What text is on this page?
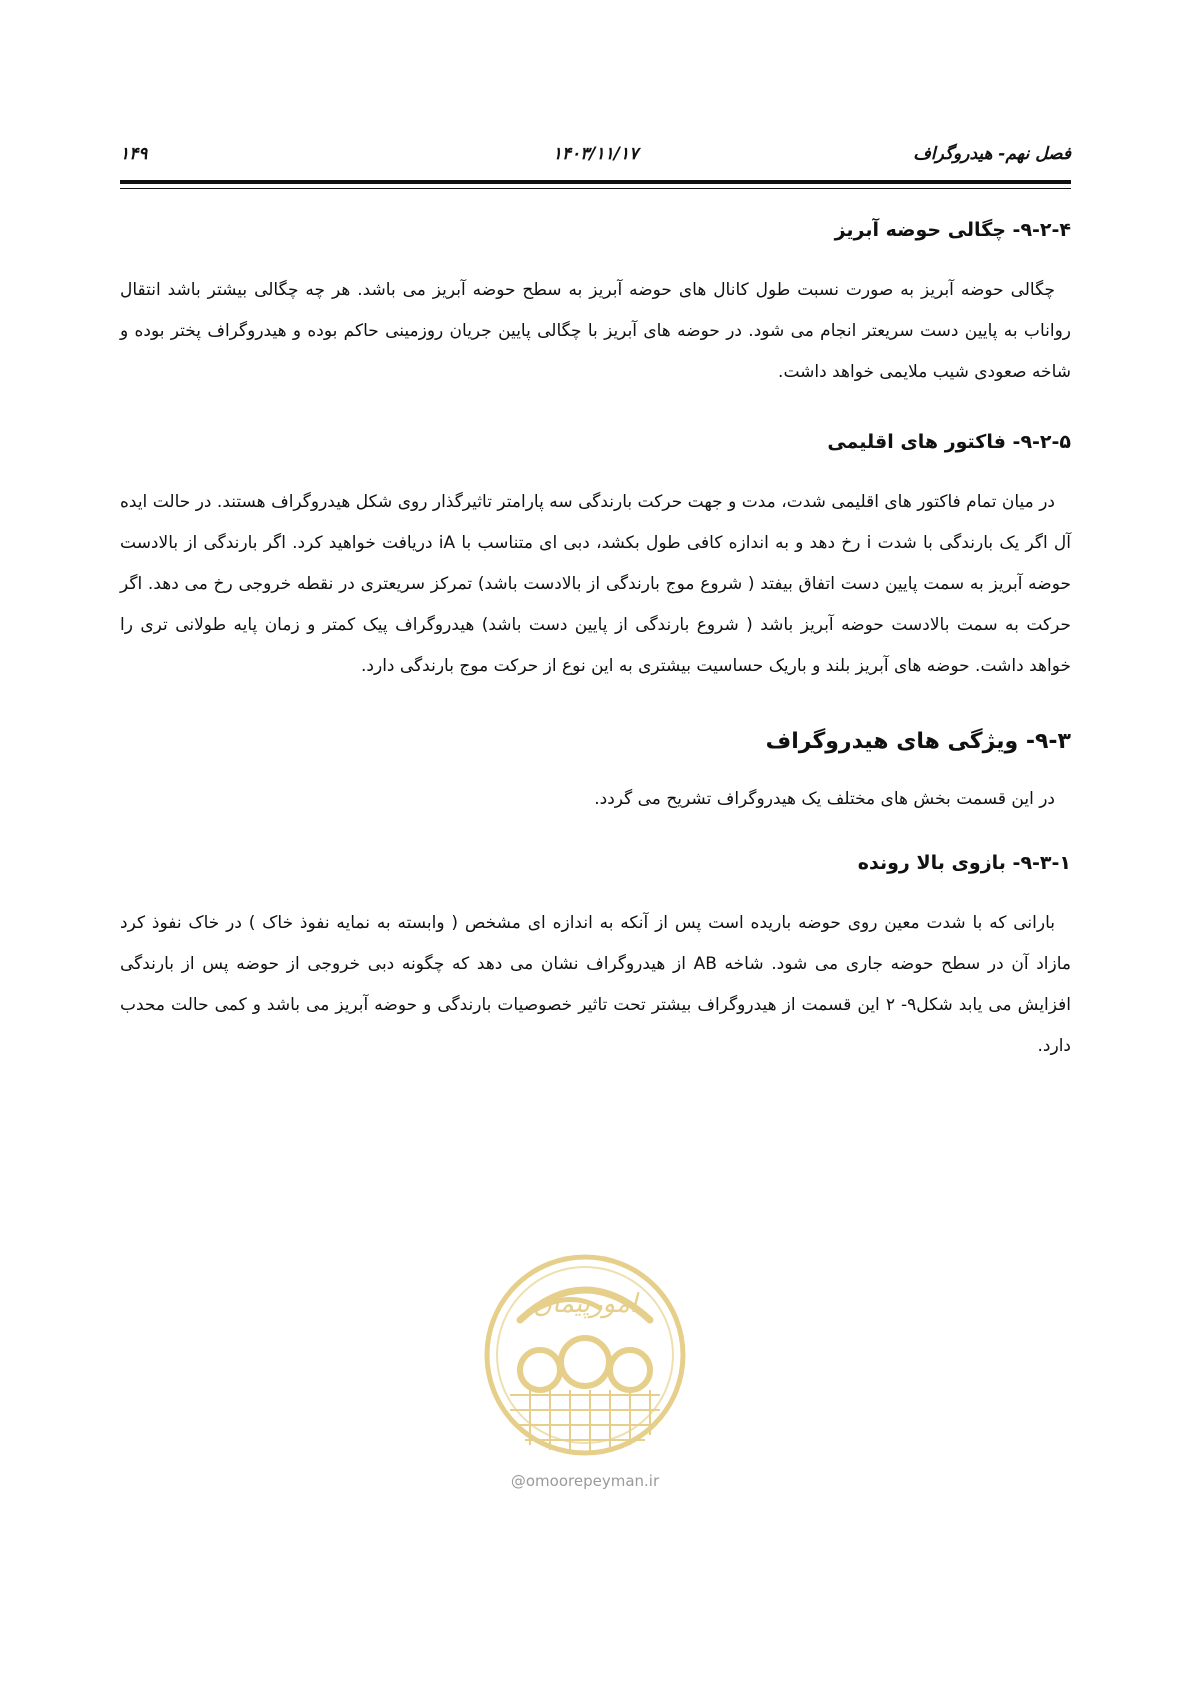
فصل نهم- هیدروگراف
۱۴۰۳/۱۱/۱۷
۱۴۹
۹-۲-۴- چگالی حوضه آبریز

چگالی حوضه آبریز به صورت نسبت طول کانال های حوضه آبریز به سطح حوضه آبریز می باشد. هر چه چگالی بیشتر باشد انتقال رواناب به پایین دست سریعتر انجام می شود. در حوضه های آبریز با چگالی پایین جریان روزمینی حاکم بوده و هیدروگراف پختر بوده و شاخه صعودی شیب ملایمی خواهد داشت.

۹-۲-۵- فاکتور های اقلیمی

در میان تمام فاکتور های اقلیمی شدت، مدت و جهت حرکت بارندگی سه پارامتر تاثیرگذار روی شکل هیدروگراف هستند. در حالت ایده آل اگر یک بارندگی با شدت i رخ دهد و به اندازه کافی طول بکشد، دبی ای متناسب با iA دریافت خواهید کرد. اگر بارندگی از بالادست حوضه آبریز به سمت پایین دست اتفاق بیفتد ( شروع موج بارندگی از بالادست باشد) تمرکز سریعتری در نقطه خروجی رخ می دهد. اگر حرکت به سمت بالادست حوضه آبریز باشد ( شروع بارندگی از پایین دست باشد) هیدروگراف پیک کمتر و زمان پایه طولانی تری را خواهد داشت. حوضه های آبریز بلند و باریک حساسیت بیشتری به این نوع از حرکت موج بارندگی دارد.

۹-۳- ویژگی های هیدروگراف

در این قسمت بخش های مختلف یک هیدروگراف تشریح می گردد.

۹-۳-۱- بازوی بالا رونده

بارانی که با شدت معین روی حوضه باریده است پس از آنکه به اندازه ای مشخص ( وابسته به نمایه نفوذ خاک ) در خاک نفوذ کرد مازاد آن در سطح حوضه جاری می شود. شاخه AB از هیدروگراف نشان می دهد که چگونه دبی خروجی از حوضه پس از بارندگی افزایش می یابد شکل۹- ۲ این قسمت از هیدروگراف بیشتر تحت تاثیر خصوصیات بارندگی و حوضه آبریز می باشد و کمی حالت محدب دارد.

امورپیمان
@omoorepeyman.ir
